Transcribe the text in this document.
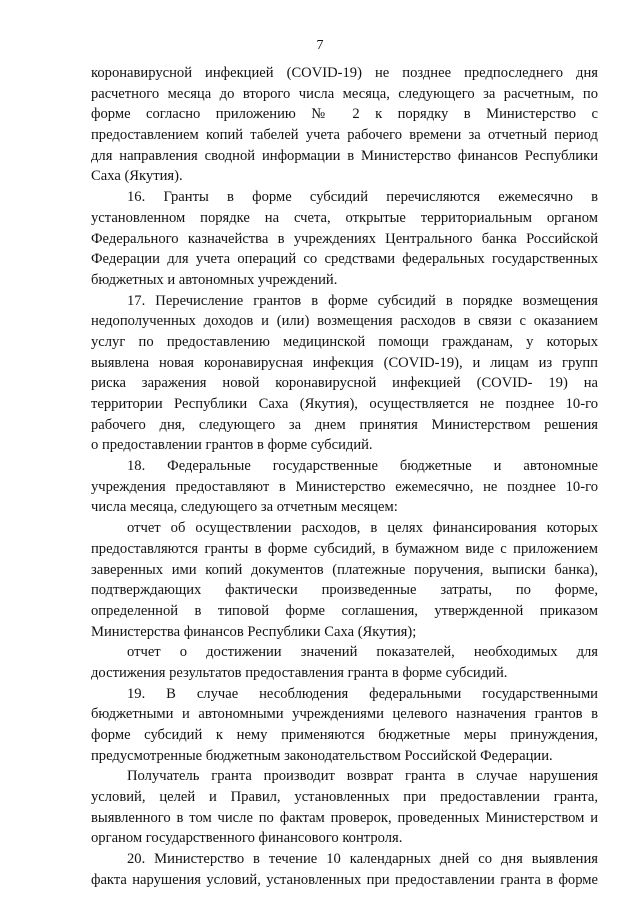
7
коронавирусной инфекцией (COVID-19) не позднее предпоследнего дня
расчетного месяца до второго числа месяца, следующего за расчетным, по
форме согласно приложению № 2 к порядку в Министерство с
предоставлением копий табелей учета рабочего времени за отчетный период
для направления сводной информации в Министерство финансов Республики
Саха (Якутия).
16. Гранты в форме субсидий перечисляются ежемесячно в
установленном порядке на счета, открытые территориальным органом
Федерального казначейства в учреждениях Центрального банка Российской
Федерации для учета операций со средствами федеральных государственных
бюджетных и автономных учреждений.
17. Перечисление грантов в форме субсидий в порядке возмещения
недополученных доходов и (или) возмещения расходов в связи с оказанием
услуг по предоставлению медицинской помощи гражданам, у которых
выявлена новая коронавирусная инфекция (COVID-19), и лицам из групп
риска заражения новой коронавирусной инфекцией (COVID- 19) на
территории Республики Саха (Якутия), осуществляется не позднее 10-го
рабочего дня, следующего за днем принятия Министерством решения
о предоставлении грантов в форме субсидий.
18. Федеральные государственные бюджетные и автономные
учреждения предоставляют в Министерство ежемесячно, не позднее 10-го
числа месяца, следующего за отчетным месяцем:
отчет об осуществлении расходов, в целях финансирования которых
предоставляются гранты в форме субсидий, в бумажном виде с приложением
заверенных ими копий документов (платежные поручения, выписки банка),
подтверждающих фактически произведенные затраты, по форме,
определенной в типовой форме соглашения, утвержденной приказом
Министерства финансов Республики Саха (Якутия);
отчет о достижении значений показателей, необходимых для
достижения результатов предоставления гранта в форме субсидий.
19. В случае несоблюдения федеральными государственными
бюджетными и автономными учреждениями целевого назначения грантов в
форме субсидий к нему применяются бюджетные меры принуждения,
предусмотренные бюджетным законодательством Российской Федерации.
Получатель гранта производит возврат гранта в случае нарушения
условий, целей и Правил, установленных при предоставлении гранта,
выявленного в том числе по фактам проверок, проведенных Министерством и
органом государственного финансового контроля.
20. Министерство в течение 10 календарных дней со дня выявления
факта нарушения условий, установленных при предоставлении гранта в форме
